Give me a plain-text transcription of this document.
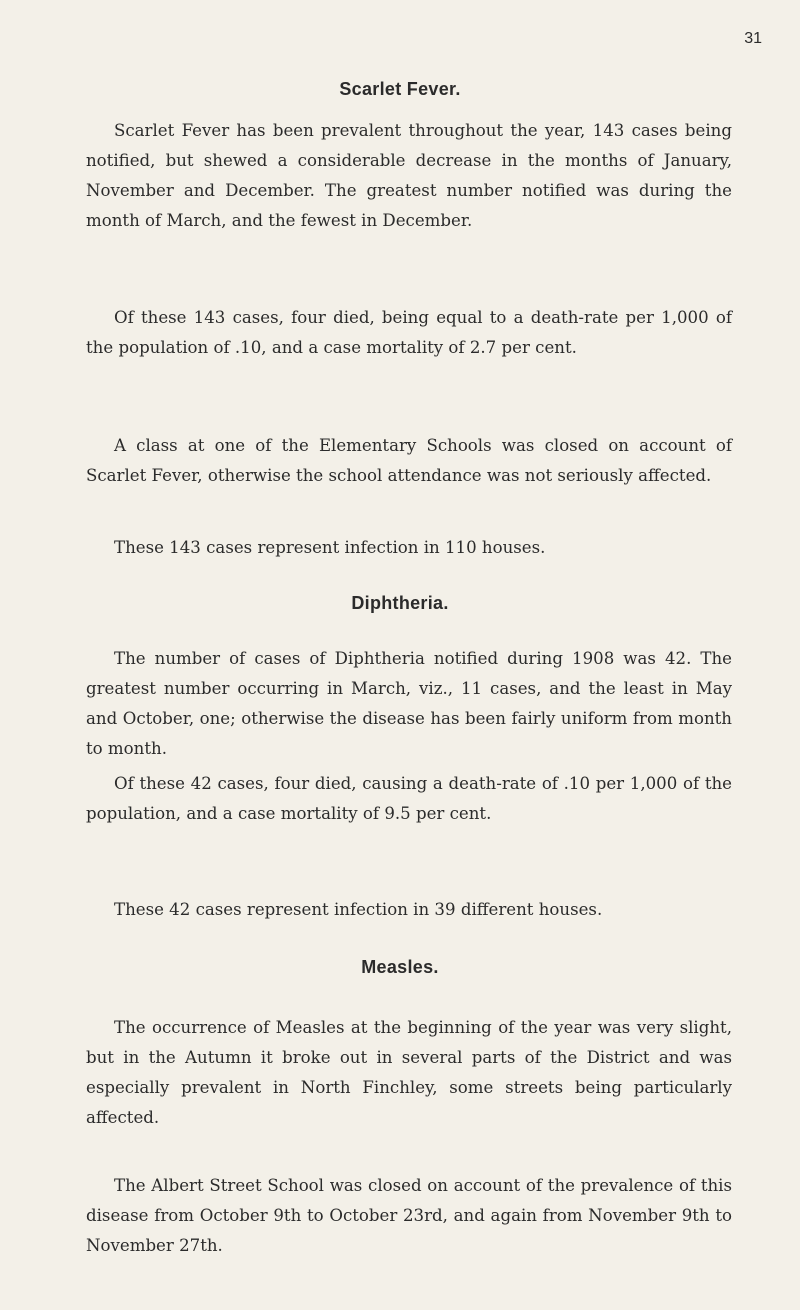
31
Scarlet Fever.

Scarlet Fever has been prevalent throughout the year, 143 cases being notified, but shewed a considerable decrease in the months of January, November and December. The greatest number notified was during the month of March, and the fewest in December.

Of these 143 cases, four died, being equal to a death-rate per 1,000 of the population of .10, and a case mortality of 2.7 per cent.

A class at one of the Elementary Schools was closed on account of Scarlet Fever, otherwise the school attendance was not seriously affected.

These 143 cases represent infection in 110 houses.

Diphtheria.

The number of cases of Diphtheria notified during 1908 was 42. The greatest number occurring in March, viz., 11 cases, and the least in May and October, one; otherwise the disease has been fairly uniform from month to month.

Of these 42 cases, four died, causing a death-rate of .10 per 1,000 of the population, and a case mortality of 9.5 per cent.

These 42 cases represent infection in 39 different houses.

Measles.

The occurrence of Measles at the beginning of the year was very slight, but in the Autumn it broke out in several parts of the District and was especially prevalent in North Finchley, some streets being particularly affected.

The Albert Street School was closed on account of the prevalence of this disease from October 9th to October 23rd, and again from November 9th to November 27th.
